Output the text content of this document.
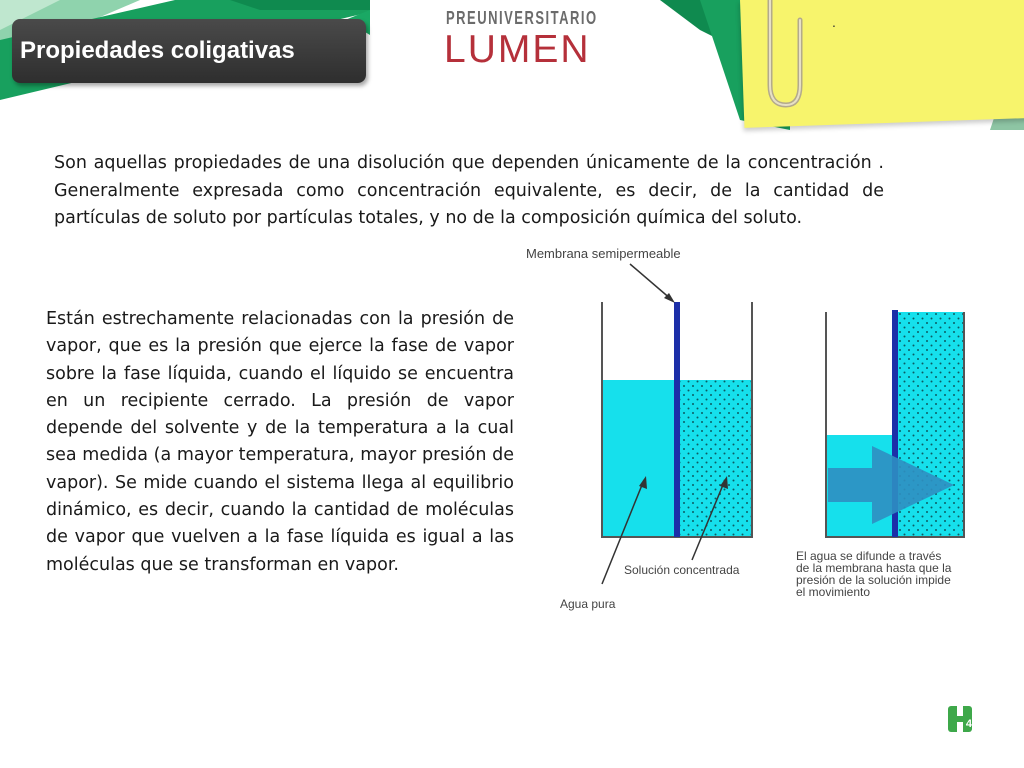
.
Propiedades coligativas
PREUNIVERSITARIO
LUMEN

Son aquellas propiedades de una disolución que dependen únicamente de la concentración . Generalmente expresada como concentración equivalente, es decir, de la cantidad de partículas de soluto por partículas totales, y no de la composición química del soluto.

Están estrechamente relacionadas con la presión de vapor, que es la presión que ejerce la fase de vapor sobre la fase líquida, cuando el líquido se encuentra en un recipiente cerrado. La presión de vapor depende del solvente y de la temperatura a la cual sea medida (a mayor temperatura, mayor presión de vapor). Se mide cuando el sistema llega al equilibrio dinámico, es decir, cuando la cantidad de moléculas de vapor que vuelven a la fase líquida es igual a las moléculas que se transforman en vapor.

Membrana semipermeable
Solución concentrada
Agua pura
El agua se difunde a través
de la membrana hasta que la
presión de la solución impide
el movimiento
4
